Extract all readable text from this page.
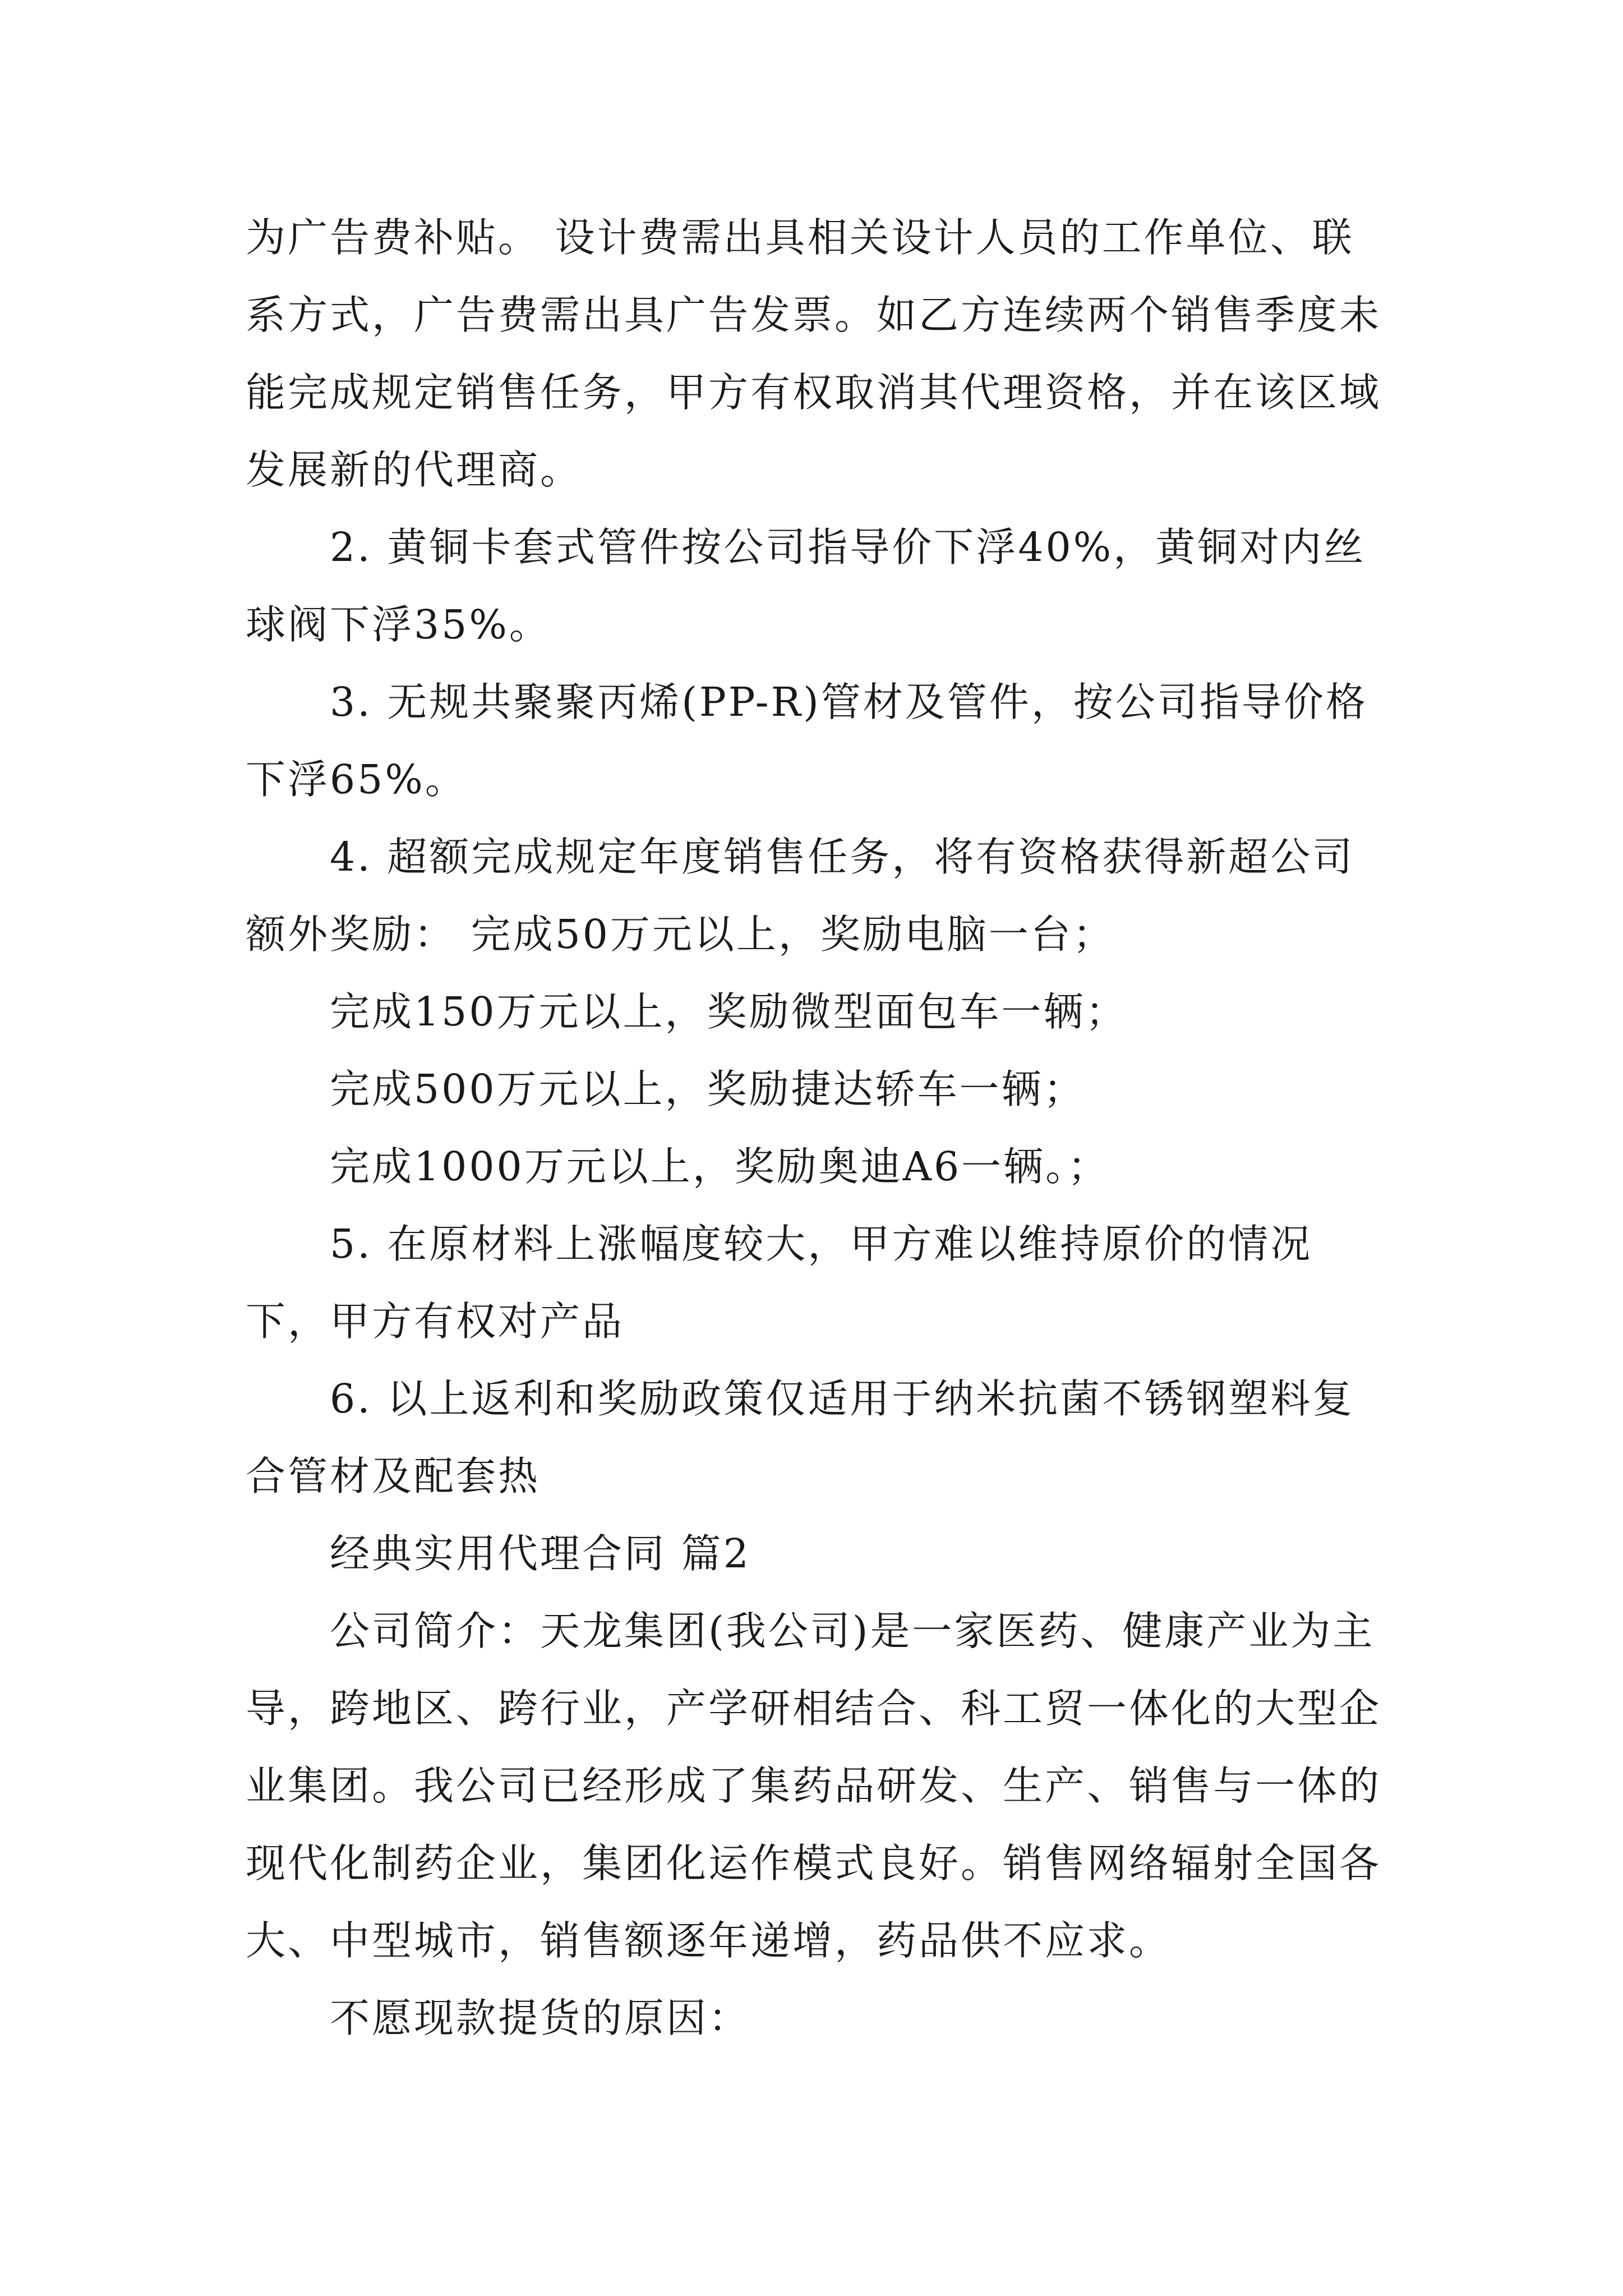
为广告费补贴。 设计费需出具相关设计人员的工作单位、联系方式，广告费需出具广告发票。如乙方连续两个销售季度未能完成规定销售任务，甲方有权取消其代理资格，并在该区域发展新的代理商。

2. 黄铜卡套式管件按公司指导价下浮40%，黄铜对内丝球阀下浮35%。

3. 无规共聚聚丙烯(PP-R)管材及管件，按公司指导价格下浮65%。

4. 超额完成规定年度销售任务，将有资格获得新超公司额外奖励： 完成50万元以上，奖励电脑一台；

完成150万元以上，奖励微型面包车一辆；

完成500万元以上，奖励捷达轿车一辆；

完成1000万元以上，奖励奥迪A6一辆。；

5. 在原材料上涨幅度较大，甲方难以维持原价的情况下，甲方有权对产品

6. 以上返利和奖励政策仅适用于纳米抗菌不锈钢塑料复合管材及配套热

经典实用代理合同 篇2

公司简介：天龙集团(我公司)是一家医药、健康产业为主导，跨地区、跨行业，产学研相结合、科工贸一体化的大型企业集团。我公司已经形成了集药品研发、生产、销售与一体的现代化制药企业，集团化运作模式良好。销售网络辐射全国各大、中型城市，销售额逐年递增，药品供不应求。

不愿现款提货的原因：
